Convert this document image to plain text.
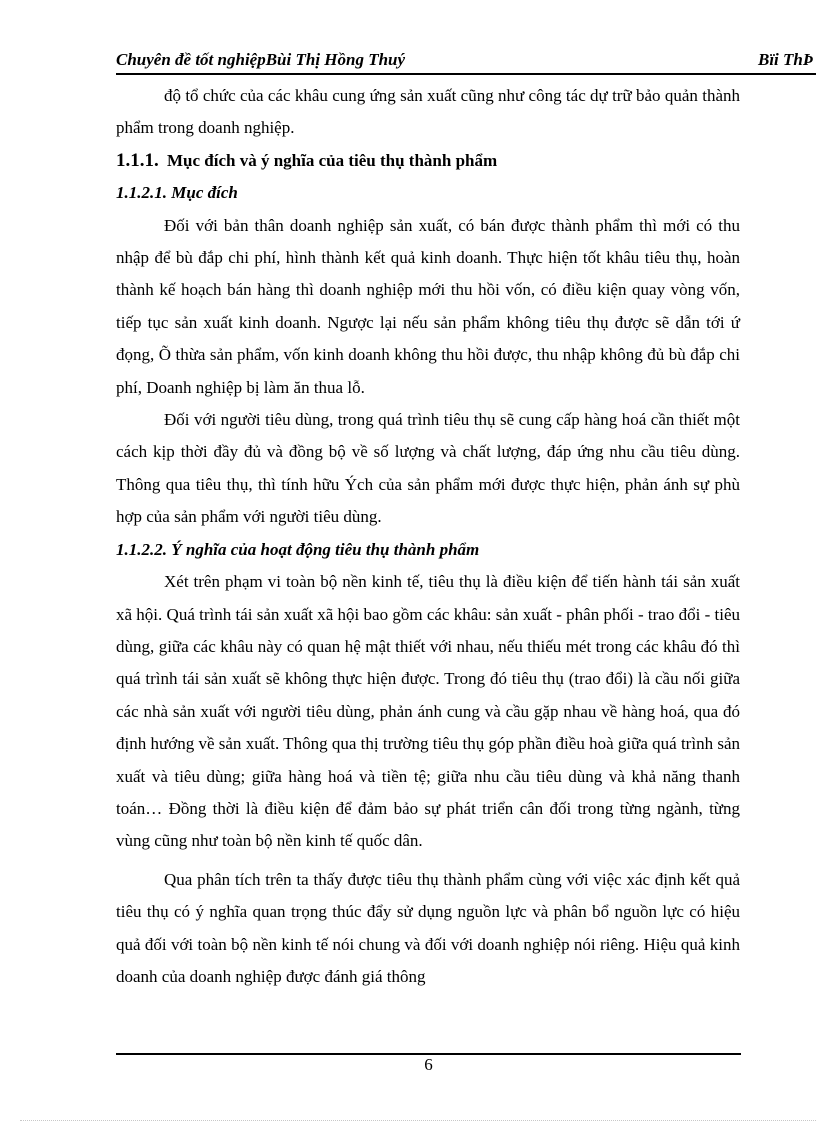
Chuyên đề tốt nghiệpBùi Thị Hồng Thuý	Bïi ThÞ

độ tổ chức của các khâu cung ứng sản xuất cũng như công tác dự trữ bảo quản thành phẩm trong doanh nghiệp.

1.1.1. Mục đích và ý nghĩa của tiêu thụ thành phẩm
1.1.2.1. Mục đích

Đối với bản thân doanh nghiệp sản xuất, có bán được thành phẩm thì mới có thu nhập để bù đắp chi phí, hình thành kết quả kinh doanh. Thực hiện tốt khâu tiêu thụ, hoàn thành kế hoạch bán hàng thì doanh nghiệp mới thu hồi vốn, có điều kiện quay vòng vốn, tiếp tục sản xuất kinh doanh. Ngược lại nếu sản phẩm không tiêu thụ được sẽ dẫn tới ứ đọng, Õ thừa sản phẩm, vốn kinh doanh không thu hồi được, thu nhập không đủ bù đắp chi phí, Doanh nghiệp bị làm ăn thua lỗ.

Đối với người tiêu dùng, trong quá trình tiêu thụ sẽ cung cấp hàng hoá cần thiết một cách kịp thời đầy đủ và đồng bộ về số lượng và chất lượng, đáp ứng nhu cầu tiêu dùng. Thông qua tiêu thụ, thì tính hữu Ých của sản phẩm mới được thực hiện, phản ánh sự phù hợp của sản phẩm với người tiêu dùng.

1.1.2.2. Ý nghĩa của hoạt động tiêu thụ thành phẩm

Xét trên phạm vi toàn bộ nền kinh tế, tiêu thụ là điều kiện để tiến hành tái sản xuất xã hội. Quá trình tái sản xuất xã hội bao gồm các khâu: sản xuất - phân phối - trao đổi - tiêu dùng, giữa các khâu này có quan hệ mật thiết với nhau, nếu thiếu mét trong các khâu đó thì quá trình tái sản xuất sẽ không thực hiện được. Trong đó tiêu thụ (trao đổi) là cầu nối giữa các nhà sản xuất với người tiêu dùng, phản ánh cung và cầu gặp nhau về hàng hoá, qua đó định hướng về sản xuất. Thông qua thị trường tiêu thụ góp phần điều hoà giữa quá trình sản xuất và tiêu dùng; giữa hàng hoá và tiền tệ; giữa nhu cầu tiêu dùng và khả năng thanh toán… Đồng thời là điều kiện để đảm bảo sự phát triển cân đối trong từng ngành, từng vùng cũng như toàn bộ nền kinh tế quốc dân.

Qua phân tích trên ta thấy được tiêu thụ thành phẩm cùng với việc xác định kết quả tiêu thụ có ý nghĩa quan trọng thúc đẩy sử dụng nguồn lực và phân bổ nguồn lực có hiệu quả đối với toàn bộ nền kinh tế nói chung và đối với doanh nghiệp nói riêng. Hiệu quả kinh doanh của doanh nghiệp được đánh giá thông

6
